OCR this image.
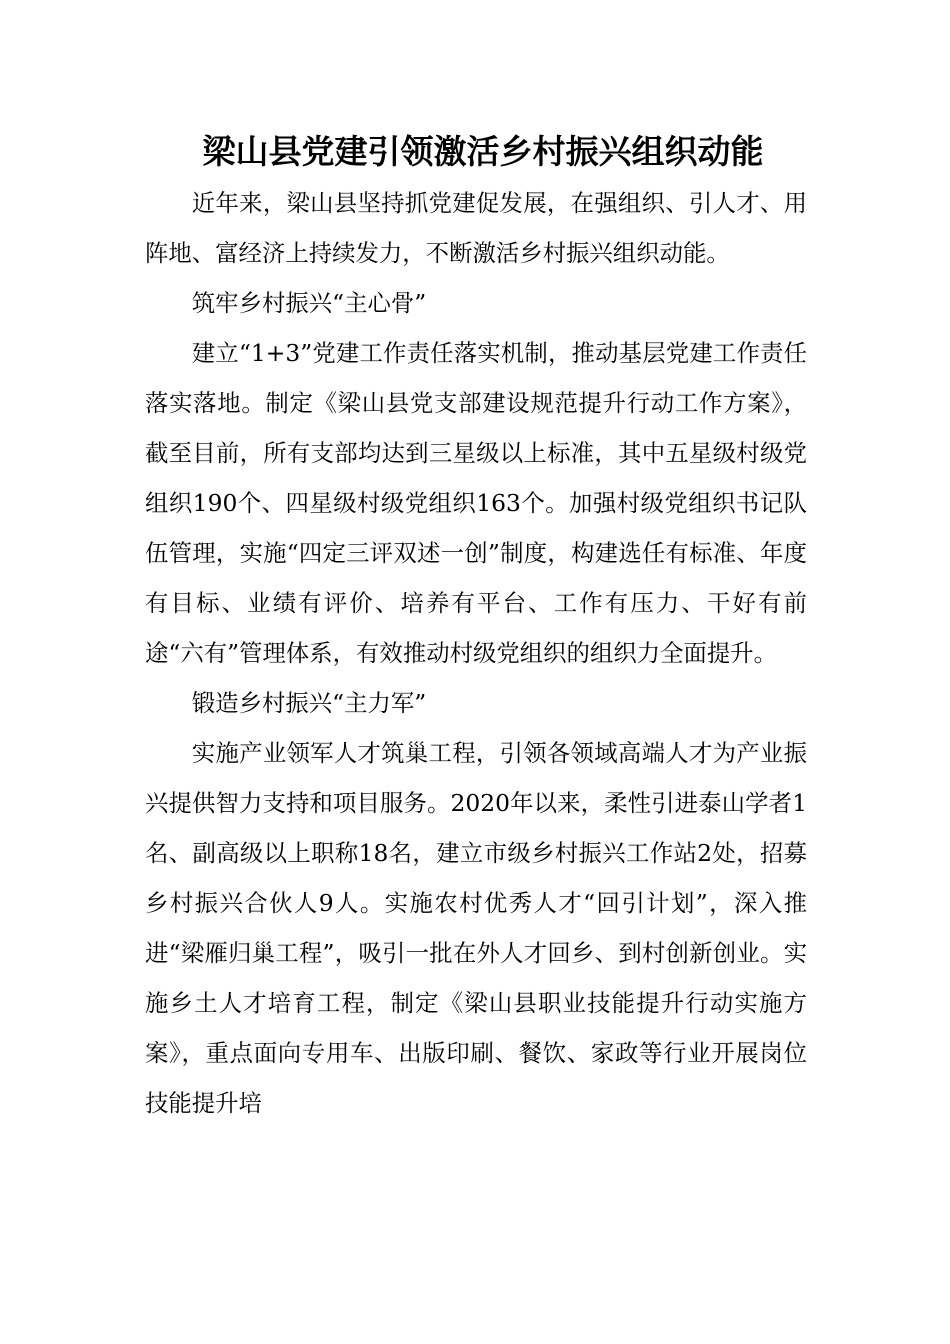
梁山县党建引领激活乡村振兴组织动能

近年来，梁山县坚持抓党建促发展，在强组织、引人才、用阵地、富经济上持续发力，不断激活乡村振兴组织动能。

筑牢乡村振兴“主心骨”

建立“1+3”党建工作责任落实机制，推动基层党建工作责任落实落地。制定《梁山县党支部建设规范提升行动工作方案》，截至目前，所有支部均达到三星级以上标准，其中五星级村级党组织190个、四星级村级党组织163个。加强村级党组织书记队伍管理，实施“四定三评双述一创”制度，构建选任有标准、年度有目标、业绩有评价、培养有平台、工作有压力、干好有前途“六有”管理体系，有效推动村级党组织的组织力全面提升。

锻造乡村振兴“主力军”

实施产业领军人才筑巢工程，引领各领域高端人才为产业振兴提供智力支持和项目服务。2020年以来，柔性引进泰山学者1名、副高级以上职称18名，建立市级乡村振兴工作站2处，招募乡村振兴合伙人9人。实施农村优秀人才“回引计划”，深入推进“梁雁归巢工程”，吸引一批在外人才回乡、到村创新创业。实施乡土人才培育工程，制定《梁山县职业技能提升行动实施方案》，重点面向专用车、出版印刷、餐饮、家政等行业开展岗位技能提升培
